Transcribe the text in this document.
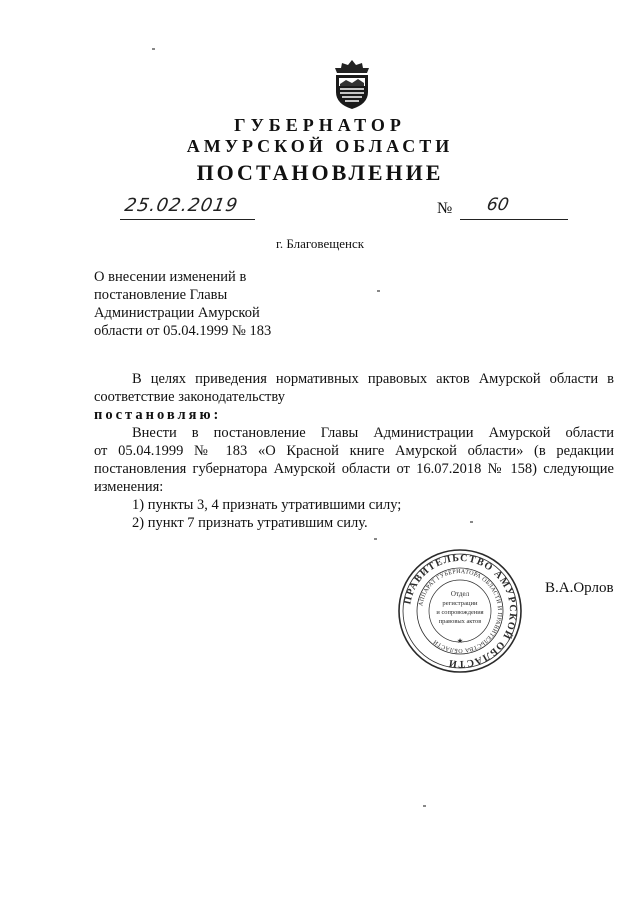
ГУБЕРНАТОР
АМУРСКОЙ ОБЛАСТИ
ПОСТАНОВЛЕНИЕ
25.02.2019	№ 60
г. Благовещенск
О внесении изменений в
постановление Главы
Администрации Амурской
области от 05.04.1999 № 183

В целях приведения нормативных правовых актов Амурской области в

соответствие законодательству

постановляю:

Внести в постановление Главы Администрации Амурской области

от 05.04.1999 № 183 «О Красной книге Амурской области» (в редакции

постановления губернатора Амурской области от 16.07.2018 № 158) следующие

изменения:

1) пункты 3, 4 признать утратившими силу;

2) пункт 7 признать утратившим силу.

ПРАВИТЕЛЬСТВО АМУРСКОЙ ОБЛАСТИ
АППАРАТ ГУБЕРНАТОРА ОБЛАСТИ И ПРАВИТЕЛЬСТВА ОБЛАСТИ
Отдел
регистрации
и сопровождения
правовых актов
★
В.А.Орлов
